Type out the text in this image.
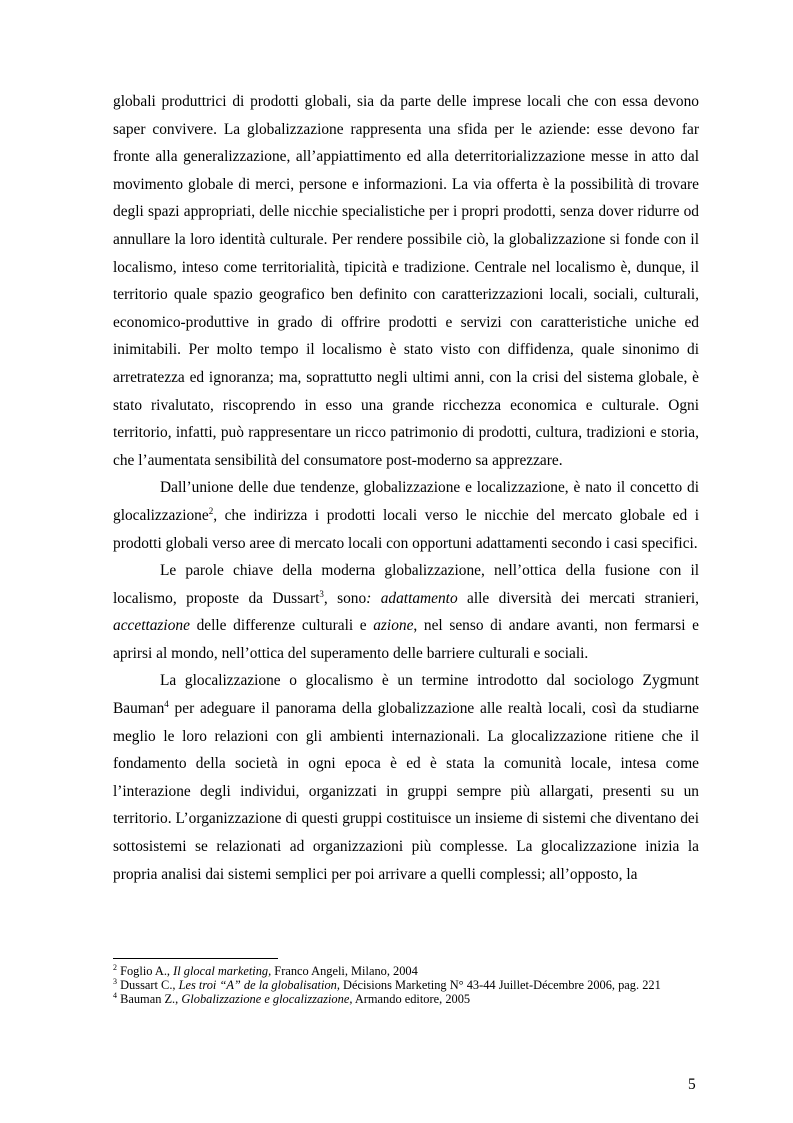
globali produttrici di prodotti globali, sia da parte delle imprese locali che con essa devono saper convivere. La globalizzazione rappresenta una sfida per le aziende: esse devono far fronte alla generalizzazione, all’appiattimento ed alla deterritorializzazione messe in atto dal movimento globale di merci, persone e informazioni. La via offerta è la possibilità di trovare degli spazi appropriati, delle nicchie specialistiche per i propri prodotti, senza dover ridurre od annullare la loro identità culturale. Per rendere possibile ciò, la globalizzazione si fonde con il localismo, inteso come territorialità, tipicità e tradizione. Centrale nel localismo è, dunque, il territorio quale spazio geografico ben definito con caratterizzazioni locali, sociali, culturali, economico-produttive in grado di offrire prodotti e servizi con caratteristiche uniche ed inimitabili. Per molto tempo il localismo è stato visto con diffidenza, quale sinonimo di arretratezza ed ignoranza; ma, soprattutto negli ultimi anni, con la crisi del sistema globale, è stato rivalutato, riscoprendo in esso una grande ricchezza economica e culturale. Ogni territorio, infatti, può rappresentare un ricco patrimonio di prodotti, cultura, tradizioni e storia, che l’aumentata sensibilità del consumatore post-moderno sa apprezzare.

Dall’unione delle due tendenze, globalizzazione e localizzazione, è nato il concetto di glocalizzazione$^2$, che indirizza i prodotti locali verso le nicchie del mercato globale ed i prodotti globali verso aree di mercato locali con opportuni adattamenti secondo i casi specifici.

Le parole chiave della moderna globalizzazione, nell’ottica della fusione con il localismo, proposte da Dussart$^3$, sono: adattamento alle diversità dei mercati stranieri, accettazione delle differenze culturali e azione, nel senso di andare avanti, non fermarsi e aprirsi al mondo, nell’ottica del superamento delle barriere culturali e sociali.

La glocalizzazione o glocalismo è un termine introdotto dal sociologo Zygmunt Bauman$^4$ per adeguare il panorama della globalizzazione alle realtà locali, così da studiarne meglio le loro relazioni con gli ambienti internazionali. La glocalizzazione ritiene che il fondamento della società in ogni epoca è ed è stata la comunità locale, intesa come l’interazione degli individui, organizzati in gruppi sempre più allargati, presenti su un territorio. L’organizzazione di questi gruppi costituisce un insieme di sistemi che diventano dei sottosistemi se relazionati ad organizzazioni più complesse. La glocalizzazione inizia la propria analisi dai sistemi semplici per poi arrivare a quelli complessi; all’opposto, la

$^2$ Foglio A., Il glocal marketing, Franco Angeli, Milano, 2004
$^3$ Dussart C., Les troi “A” de la globalisation, Décisions Marketing N° 43-44 Juillet-Décembre 2006, pag. 221
$^4$ Bauman Z., Globalizzazione e glocalizzazione, Armando editore, 2005
5
